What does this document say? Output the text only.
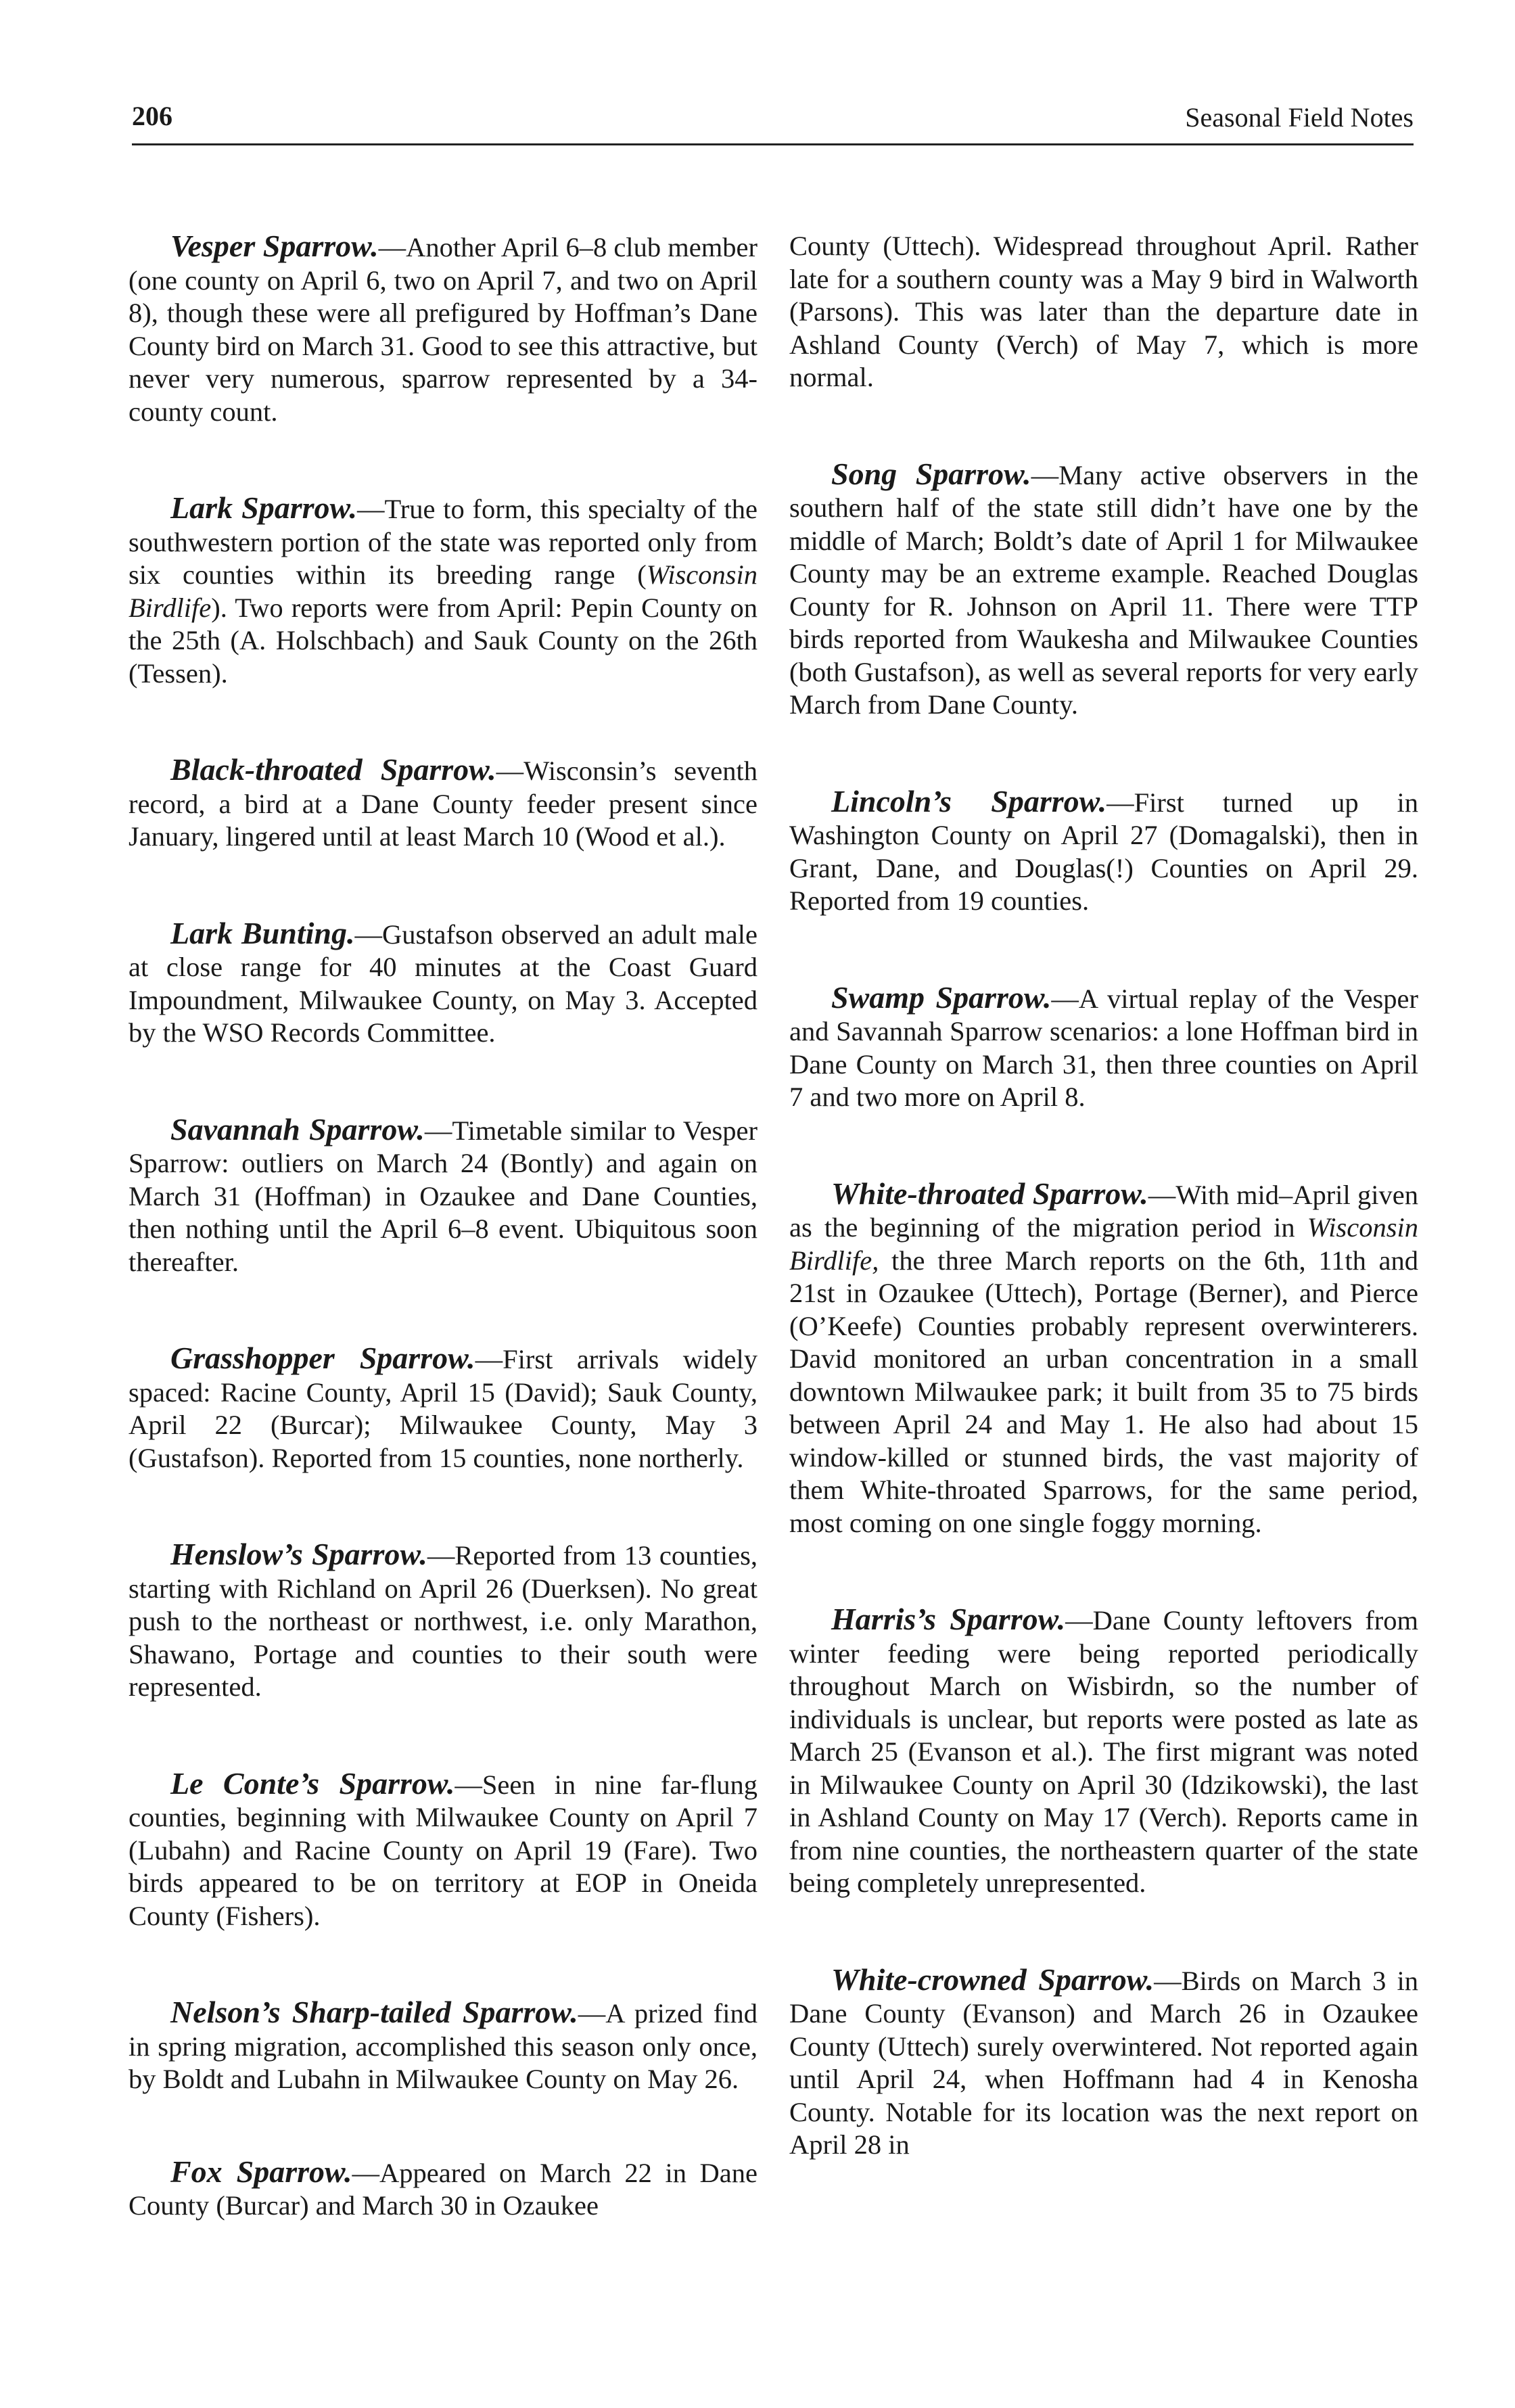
206	Seasonal Field Notes

Vesper Sparrow.—Another April 6–8 club member (one county on April 6, two on April 7, and two on April 8), though these were all prefigured by Hoffman’s Dane County bird on March 31. Good to see this attractive, but never very numerous, sparrow represented by a 34-county count.

Lark Sparrow.—True to form, this specialty of the southwestern portion of the state was reported only from six counties within its breeding range (Wisconsin Birdlife). Two reports were from April: Pepin County on the 25th (A. Holschbach) and Sauk County on the 26th (Tessen).

Black-throated Sparrow.—Wisconsin’s seventh record, a bird at a Dane County feeder present since January, lingered until at least March 10 (Wood et al.).

Lark Bunting.—Gustafson observed an adult male at close range for 40 minutes at the Coast Guard Impoundment, Milwaukee County, on May 3. Accepted by the WSO Records Committee.

Savannah Sparrow.—Timetable similar to Vesper Sparrow: outliers on March 24 (Bontly) and again on March 31 (Hoffman) in Ozaukee and Dane Counties, then nothing until the April 6–8 event. Ubiquitous soon thereafter.

Grasshopper Sparrow.—First arrivals widely spaced: Racine County, April 15 (David); Sauk County, April 22 (Burcar); Milwaukee County, May 3 (Gustafson). Reported from 15 counties, none northerly.

Henslow’s Sparrow.—Reported from 13 counties, starting with Richland on April 26 (Duerksen). No great push to the northeast or northwest, i.e. only Marathon, Shawano, Portage and counties to their south were represented.

Le Conte’s Sparrow.—Seen in nine far-flung counties, beginning with Milwaukee County on April 7 (Lubahn) and Racine County on April 19 (Fare). Two birds appeared to be on territory at EOP in Oneida County (Fishers).

Nelson’s Sharp-tailed Sparrow.—A prized find in spring migration, accomplished this season only once, by Boldt and Lubahn in Milwaukee County on May 26.

Fox Sparrow.—Appeared on March 22 in Dane County (Burcar) and March 30 in Ozaukee

County (Uttech). Widespread throughout April. Rather late for a southern county was a May 9 bird in Walworth (Parsons). This was later than the departure date in Ashland County (Verch) of May 7, which is more normal.

Song Sparrow.—Many active observers in the southern half of the state still didn’t have one by the middle of March; Boldt’s date of April 1 for Milwaukee County may be an extreme example. Reached Douglas County for R. Johnson on April 11. There were TTP birds reported from Waukesha and Milwaukee Counties (both Gustafson), as well as several reports for very early March from Dane County.

Lincoln’s Sparrow.—First turned up in Washington County on April 27 (Domagalski), then in Grant, Dane, and Douglas(!) Counties on April 29. Reported from 19 counties.

Swamp Sparrow.—A virtual replay of the Vesper and Savannah Sparrow scenarios: a lone Hoffman bird in Dane County on March 31, then three counties on April 7 and two more on April 8.

White-throated Sparrow.—With mid–April given as the beginning of the migration period in Wisconsin Birdlife, the three March reports on the 6th, 11th and 21st in Ozaukee (Uttech), Portage (Berner), and Pierce (O’Keefe) Counties probably represent overwinterers. David monitored an urban concentration in a small downtown Milwaukee park; it built from 35 to 75 birds between April 24 and May 1. He also had about 15 window-killed or stunned birds, the vast majority of them White-throated Sparrows, for the same period, most coming on one single foggy morning.

Harris’s Sparrow.—Dane County leftovers from winter feeding were being reported periodically throughout March on Wisbirdn, so the number of individuals is unclear, but reports were posted as late as March 25 (Evanson et al.). The first migrant was noted in Milwaukee County on April 30 (Idzikowski), the last in Ashland County on May 17 (Verch). Reports came in from nine counties, the northeastern quarter of the state being completely unrepresented.

White-crowned Sparrow.—Birds on March 3 in Dane County (Evanson) and March 26 in Ozaukee County (Uttech) surely overwintered. Not reported again until April 24, when Hoffmann had 4 in Kenosha County. Notable for its location was the next report on April 28 in
